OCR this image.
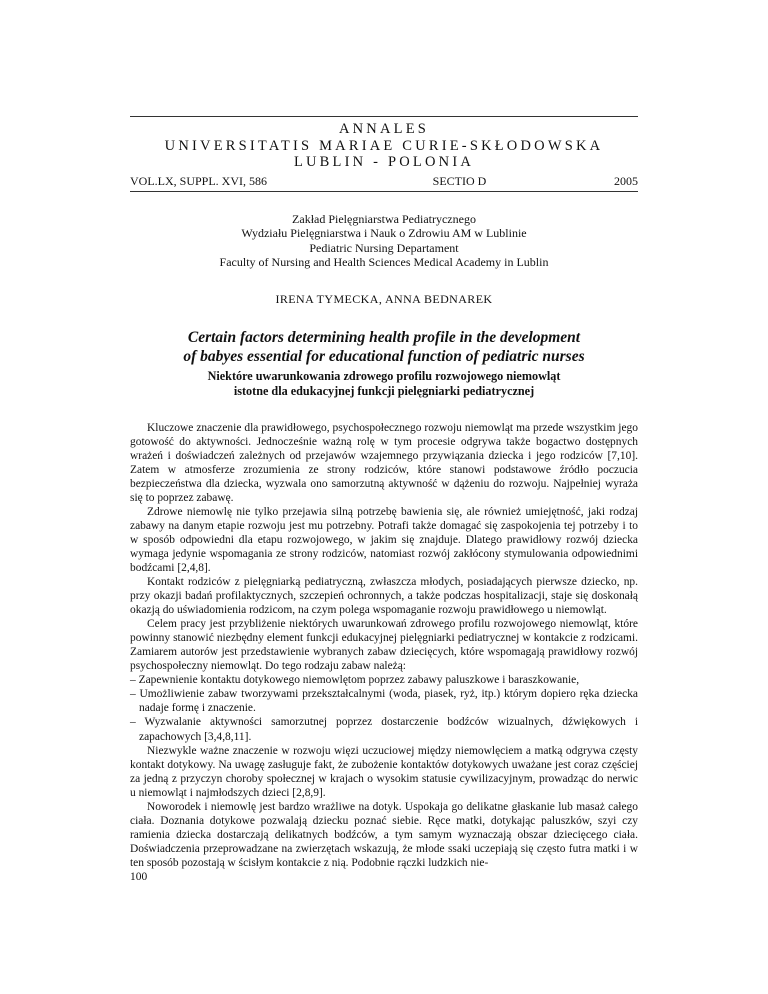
ANNALES
UNIVERSITATIS MARIAE CURIE-SKŁODOWSKA
LUBLIN - POLONIA
VOL.LX, SUPPL. XVI, 586	SECTIO D	2005
Zakład Pielęgniarstwa Pediatrycznego
Wydziału Pielęgniarstwa i Nauk o Zdrowiu AM w Lublinie
Pediatric Nursing Departament
Faculty of Nursing and Health Sciences Medical Academy in Lublin
IRENA TYMECKA, ANNA BEDNAREK
Certain factors determining health profile in the development
of babyes essential for educational function of pediatric nurses
Niektóre uwarunkowania zdrowego profilu rozwojowego niemowląt
istotne dla edukacyjnej funkcji pielęgniarki pediatrycznej

Kluczowe znaczenie dla prawidłowego, psychospołecznego rozwoju niemowląt ma przede wszystkim jego gotowość do aktywności. Jednocześnie ważną rolę w tym procesie odgrywa także bogactwo dostępnych wrażeń i doświadczeń zależnych od przejawów wzajemnego przywiązania dziecka i jego rodziców [7,10]. Zatem w atmosferze zrozumienia ze strony rodziców, które stanowi podstawowe źródło poczucia bezpieczeństwa dla dziecka, wyzwala ono samorzutną aktywność w dążeniu do rozwoju. Najpełniej wyraża się to poprzez zabawę.

Zdrowe niemowlę nie tylko przejawia silną potrzebę bawienia się, ale również umiejętność, jaki rodzaj zabawy na danym etapie rozwoju jest mu potrzebny. Potrafi także domagać się zaspokojenia tej potrzeby i to w sposób odpowiedni dla etapu rozwojowego, w jakim się znajduje. Dlatego prawidłowy rozwój dziecka wymaga jedynie wspomagania ze strony rodziców, natomiast rozwój zakłócony stymulowania odpowiednimi bodźcami [2,4,8].

Kontakt rodziców z pielęgniarką pediatryczną, zwłaszcza młodych, posiadających pierwsze dziecko, np. przy okazji badań profilaktycznych, szczepień ochronnych, a także podczas hospitalizacji, staje się doskonałą okazją do uświadomienia rodzicom, na czym polega wspomaganie rozwoju prawidłowego u niemowląt.

Celem pracy jest przybliżenie niektórych uwarunkowań zdrowego profilu rozwojowego niemowląt, które powinny stanowić niezbędny element funkcji edukacyjnej pielęgniarki pediatrycznej w kontakcie z rodzicami. Zamiarem autorów jest przedstawienie wybranych zabaw dziecięcych, które wspomagają prawidłowy rozwój psychospołeczny niemowląt. Do tego rodzaju zabaw należą:

– Zapewnienie kontaktu dotykowego niemowlętom poprzez zabawy paluszkowe i baraszkowanie,
– Umożliwienie zabaw tworzywami przekształcalnymi (woda, piasek, ryż, itp.) którym dopiero ręka dziecka nadaje formę i znaczenie.
– Wyzwalanie aktywności samorzutnej poprzez dostarczenie bodźców wizualnych, dźwiękowych i zapachowych [3,4,8,11].

Niezwykle ważne znaczenie w rozwoju więzi uczuciowej między niemowlęciem a matką odgrywa częsty kontakt dotykowy. Na uwagę zasługuje fakt, że zubożenie kontaktów dotykowych uważane jest coraz częściej za jedną z przyczyn choroby społecznej w krajach o wysokim statusie cywilizacyjnym, prowadząc do nerwic u niemowląt i najmłodszych dzieci [2,8,9].

Noworodek i niemowlę jest bardzo wrażliwe na dotyk. Uspokaja go delikatne głaskanie lub masaż całego ciała. Doznania dotykowe pozwalają dziecku poznać siebie. Ręce matki, dotykając paluszków, szyi czy ramienia dziecka dostarczają delikatnych bodźców, a tym samym wyznaczają obszar dziecięcego ciała. Doświadczenia przeprowadzane na zwierzętach wskazują, że młode ssaki uczepiają się często futra matki i w ten sposób pozostają w ścisłym kontakcie z nią. Podobnie rączki ludzkich nie-

100
